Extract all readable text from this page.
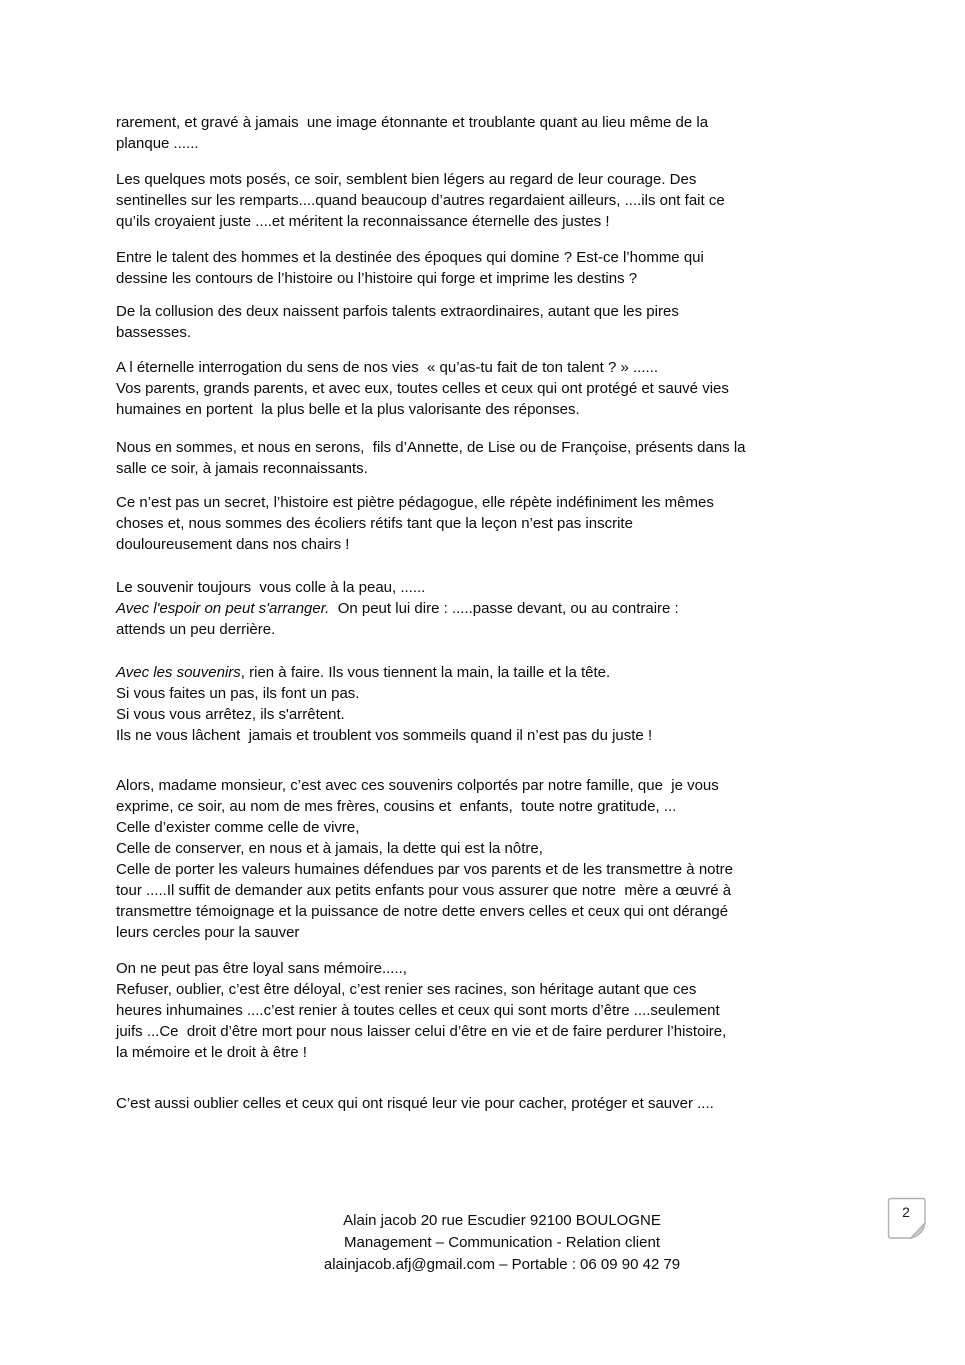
rarement, et gravé à jamais  une image étonnante et troublante quant au lieu même de la
planque ......
Les quelques mots posés, ce soir, semblent bien légers au regard de leur courage. Des
sentinelles sur les remparts....quand beaucoup d’autres regardaient ailleurs, ....ils ont fait ce
qu’ils croyaient juste ....et méritent la reconnaissance éternelle des justes !
Entre le talent des hommes et la destinée des époques qui domine ? Est-ce l’homme qui
dessine les contours de l’histoire ou l’histoire qui forge et imprime les destins ?
De la collusion des deux naissent parfois talents extraordinaires, autant que les pires
bassesses.
A l éternelle interrogation du sens de nos vies  « qu’as-tu fait de ton talent ? » ......
Vos parents, grands parents, et avec eux, toutes celles et ceux qui ont protégé et sauvé vies
humaines en portent  la plus belle et la plus valorisante des réponses.
Nous en sommes, et nous en serons,  fils d’Annette, de Lise ou de Françoise, présents dans la
salle ce soir, à jamais reconnaissants.
Ce n’est pas un secret, l’histoire est piètre pédagogue, elle répète indéfiniment les mêmes
choses et, nous sommes des écoliers rétifs tant que la leçon n’est pas inscrite
douloureusement dans nos chairs !
Le souvenir toujours  vous colle à la peau, ......
Avec l'espoir on peut s'arranger.  On peut lui dire : .....passe devant, ou au contraire :
attends un peu derrière.
Avec les souvenirs, rien à faire. Ils vous tiennent la main, la taille et la tête.
Si vous faites un pas, ils font un pas.
Si vous vous arrêtez, ils s'arrêtent.
Ils ne vous lâchent  jamais et troublent vos sommeils quand il n’est pas du juste !
Alors, madame monsieur, c’est avec ces souvenirs colportés par notre famille, que  je vous
exprime, ce soir, au nom de mes frères, cousins et  enfants,  toute notre gratitude, ...
Celle d’exister comme celle de vivre,
Celle de conserver, en nous et à jamais, la dette qui est la nôtre,
Celle de porter les valeurs humaines défendues par vos parents et de les transmettre à notre
tour .....Il suffit de demander aux petits enfants pour vous assurer que notre  mère a œuvré à
transmettre témoignage et la puissance de notre dette envers celles et ceux qui ont dérangé
leurs cercles pour la sauver
On ne peut pas être loyal sans mémoire.....,
Refuser, oublier, c’est être déloyal, c’est renier ses racines, son héritage autant que ces
heures inhumaines ....c’est renier à toutes celles et ceux qui sont morts d’être ....seulement
juifs ...Ce  droit d’être mort pour nous laisser celui d’être en vie et de faire perdurer l’histoire,
la mémoire et le droit à être !
C’est aussi oublier celles et ceux qui ont risqué leur vie pour cacher, protéger et sauver ....
Alain jacob 20 rue Escudier 92100 BOULOGNE
Management – Communication - Relation client
alainjacob.afj@gmail.com – Portable : 06 09 90 42 79
2
